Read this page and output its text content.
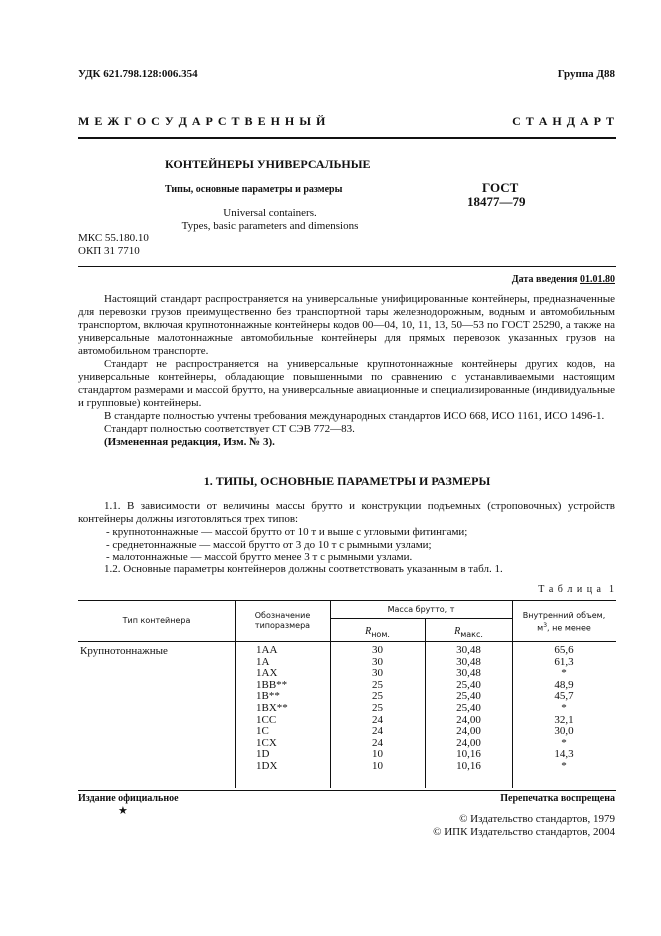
УДК 621.798.128:006.354	Группа Д88
М Е Ж Г О С У Д А Р С Т В Е Н Н Ы Й	С Т А Н Д А Р Т
КОНТЕЙНЕРЫ УНИВЕРСАЛЬНЫЕ
Типы, основные параметры и размеры
Universal containers.
Types, basic parameters and dimensions
ГОСТ
18477—79
МКС 55.180.10
ОКП 31 7710
Дата введения 01.01.80

Настоящий стандарт распространяется на универсальные унифицированные контейнеры, предназначенные для перевозки грузов преимущественно без транспортной тары железнодорожным, водным и автомобильным транспортом, включая крупнотоннажные контейнеры кодов 00—04, 10, 11, 13, 50—53 по ГОСТ 25290, а также на универсальные малотоннажные автомобильные контейнеры для прямых перевозок указанных грузов на автомобильном транспорте.

Стандарт не распространяется на универсальные крупнотоннажные контейнеры других кодов, на универсальные контейнеры, обладающие повышенными по сравнению с устанавливаемыми настоящим стандартом размерами и массой брутто, на универсальные авиационные и специализированные (индивидуальные и групповые) контейнеры.

В стандарте полностью учтены требования международных стандартов ИСО 668, ИСО 1161, ИСО 1496-1.

Стандарт полностью соответствует СТ СЭВ 772—83.

(Измененная редакция, Изм. № 3).

1. ТИПЫ, ОСНОВНЫЕ ПАРАМЕТРЫ И РАЗМЕРЫ

1.1. В зависимости от величины массы брутто и конструкции подъемных (строповочных) устройств контейнеры должны изготовляться трех типов:

- крупнотоннажные — массой брутто от 10 т и выше с угловыми фитингами;
- среднетоннажные — массой брутто от 3 до 10 т с рымными узлами;
- малотоннажные — массой брутто менее 3 т с рымными узлами.

1.2. Основные параметры контейнеров должны соответствовать указанным в табл. 1.

Т а б л и ц а  1
Тип контейнера
Обозначение
типоразмера
Масса брутто, т
$R_{ном.}$	$R_{макс.}$
Внутренний объем,
$м^3$, не менее
Крупнотоннажные	1AA	30	30,48	65,6
1A	30	30,48	61,3
1AX	30	30,48	*
1BB**	25	25,40	48,9
1B**	25	25,40	45,7
1BX**	25	25,40	*
1CC	24	24,00	32,1
1C	24	24,00	30,0
1CX	24	24,00	*
1D	10	10,16	14,3
1DX	10	10,16	*
Издание официальное
★
Перепечатка воспрещена
© Издательство стандартов, 1979
© ИПК Издательство стандартов, 2004
